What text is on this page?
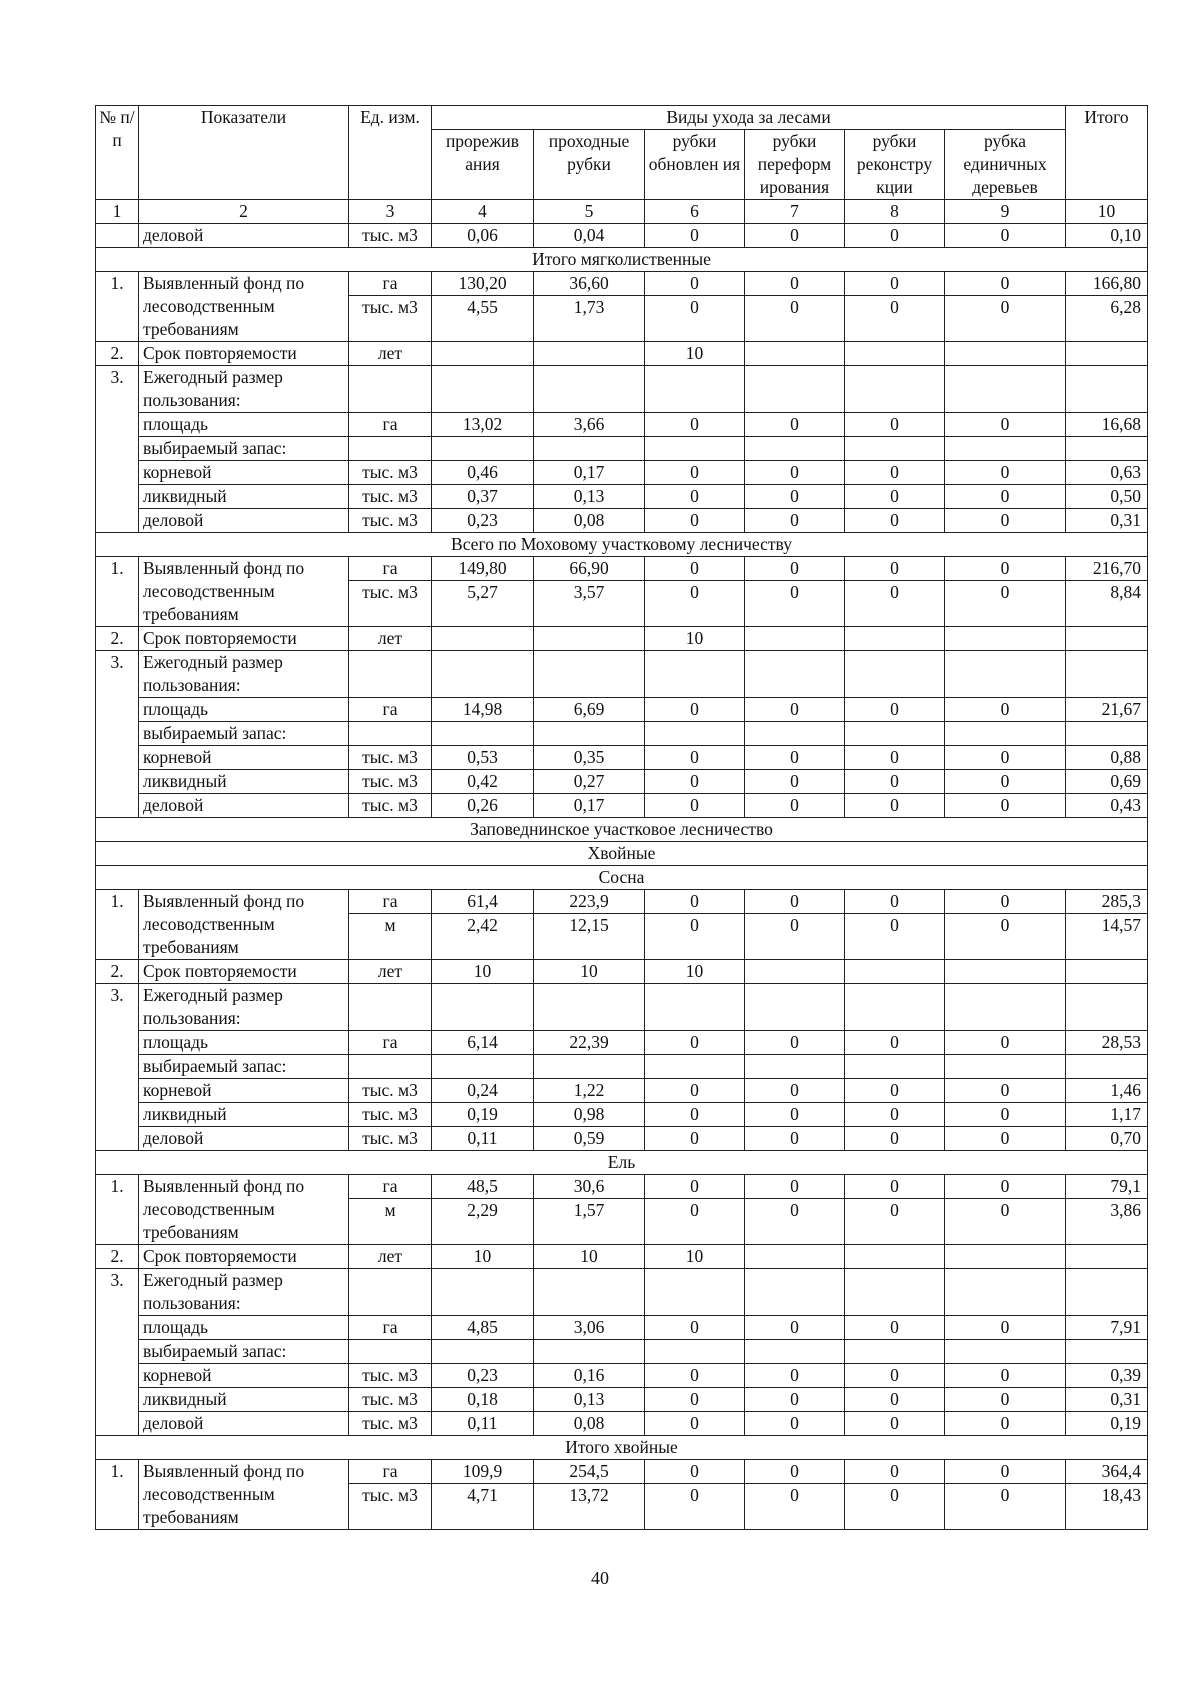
№ п/п	Показатели	Ед. изм.	Виды ухода за лесами						Итого
			прорежив ания	проходные рубки	рубки обновлен ия	рубки переформ ирования	рубки реконстру кции	рубка единичных деревьев	
1	2	3	4	5	6	7	8	9	10
	деловой	тыс. м3	0,06	0,04	0	0	0	0	0,10
Итого мягколиственные									
1.	Выявленный фонд по лесоводственным требованиям	га	130,20	36,60	0	0	0	0	166,80
		тыс. м3	4,55	1,73	0	0	0	0	6,28
2.	Срок повторяемости	лет			10				
3.	Ежегодный размер пользования:								
	площадь	га	13,02	3,66	0	0	0	0	16,68
	выбираемый запас:								
	корневой	тыс. м3	0,46	0,17	0	0	0	0	0,63
	ликвидный	тыс. м3	0,37	0,13	0	0	0	0	0,50
	деловой	тыс. м3	0,23	0,08	0	0	0	0	0,31
Всего по Моховому участковому лесничеству									
1.	Выявленный фонд по лесоводственным требованиям	га	149,80	66,90	0	0	0	0	216,70
		тыс. м3	5,27	3,57	0	0	0	0	8,84
2.	Срок повторяемости	лет			10				
3.	Ежегодный размер пользования:								
	площадь	га	14,98	6,69	0	0	0	0	21,67
	выбираемый запас:								
	корневой	тыс. м3	0,53	0,35	0	0	0	0	0,88
	ликвидный	тыс. м3	0,42	0,27	0	0	0	0	0,69
	деловой	тыс. м3	0,26	0,17	0	0	0	0	0,43
Заповеднинское участковое лесничество									
Хвойные									
Сосна									
1.	Выявленный фонд по лесоводственным требованиям	га	61,4	223,9	0	0	0	0	285,3
		м	2,42	12,15	0	0	0	0	14,57
2.	Срок повторяемости	лет	10	10	10				
3.	Ежегодный размер пользования:								
	площадь	га	6,14	22,39	0	0	0	0	28,53
	выбираемый запас:								
	корневой	тыс. м3	0,24	1,22	0	0	0	0	1,46
	ликвидный	тыс. м3	0,19	0,98	0	0	0	0	1,17
	деловой	тыс. м3	0,11	0,59	0	0	0	0	0,70
Ель									
1.	Выявленный фонд по лесоводственным требованиям	га	48,5	30,6	0	0	0	0	79,1
		м	2,29	1,57	0	0	0	0	3,86
2.	Срок повторяемости	лет	10	10	10				
3.	Ежегодный размер пользования:								
	площадь	га	4,85	3,06	0	0	0	0	7,91
	выбираемый запас:								
	корневой	тыс. м3	0,23	0,16	0	0	0	0	0,39
	ликвидный	тыс. м3	0,18	0,13	0	0	0	0	0,31
	деловой	тыс. м3	0,11	0,08	0	0	0	0	0,19
Итого хвойные									
1.	Выявленный фонд по лесоводственным требованиям	га	109,9	254,5	0	0	0	0	364,4
		тыс. м3	4,71	13,72	0	0	0	0	18,43
40
